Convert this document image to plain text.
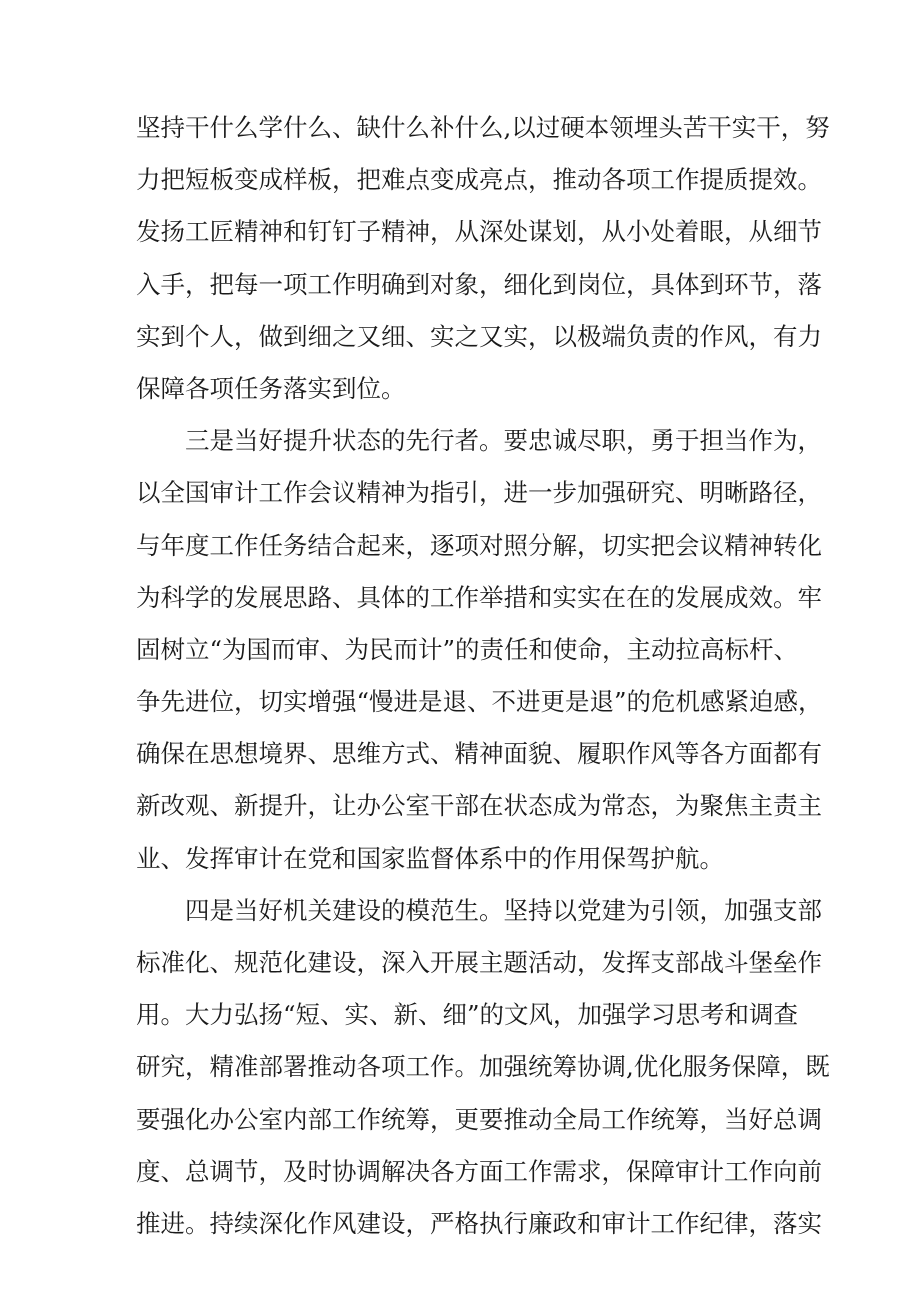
坚持干什么学什么、缺什么补什么,以过硬本领埋头苦干实干，努
力把短板变成样板，把难点变成亮点，推动各项工作提质提效。
发扬工匠精神和钉钉子精神，从深处谋划，从小处着眼，从细节
入手，把每一项工作明确到对象，细化到岗位，具体到环节，落
实到个人，做到细之又细、实之又实，以极端负责的作风，有力
保障各项任务落实到位。
三是当好提升状态的先行者。要忠诚尽职，勇于担当作为，
以全国审计工作会议精神为指引，进一步加强研究、明晰路径，
与年度工作任务结合起来，逐项对照分解，切实把会议精神转化
为科学的发展思路、具体的工作举措和实实在在的发展成效。牢
固树立“为国而审、为民而计”的责任和使命，主动拉高标杆、
争先进位，切实增强“慢进是退、不进更是退”的危机感紧迫感，
确保在思想境界、思维方式、精神面貌、履职作风等各方面都有
新改观、新提升，让办公室干部在状态成为常态，为聚焦主责主
业、发挥审计在党和国家监督体系中的作用保驾护航。
四是当好机关建设的模范生。坚持以党建为引领，加强支部
标准化、规范化建设，深入开展主题活动，发挥支部战斗堡垒作
用。大力弘扬“短、实、新、细”的文风，加强学习思考和调查
研究，精准部署推动各项工作。加强统筹协调,优化服务保障，既
要强化办公室内部工作统筹，更要推动全局工作统筹，当好总调
度、总调节，及时协调解决各方面工作需求，保障审计工作向前
推进。持续深化作风建设，严格执行廉政和审计工作纪律，落实
